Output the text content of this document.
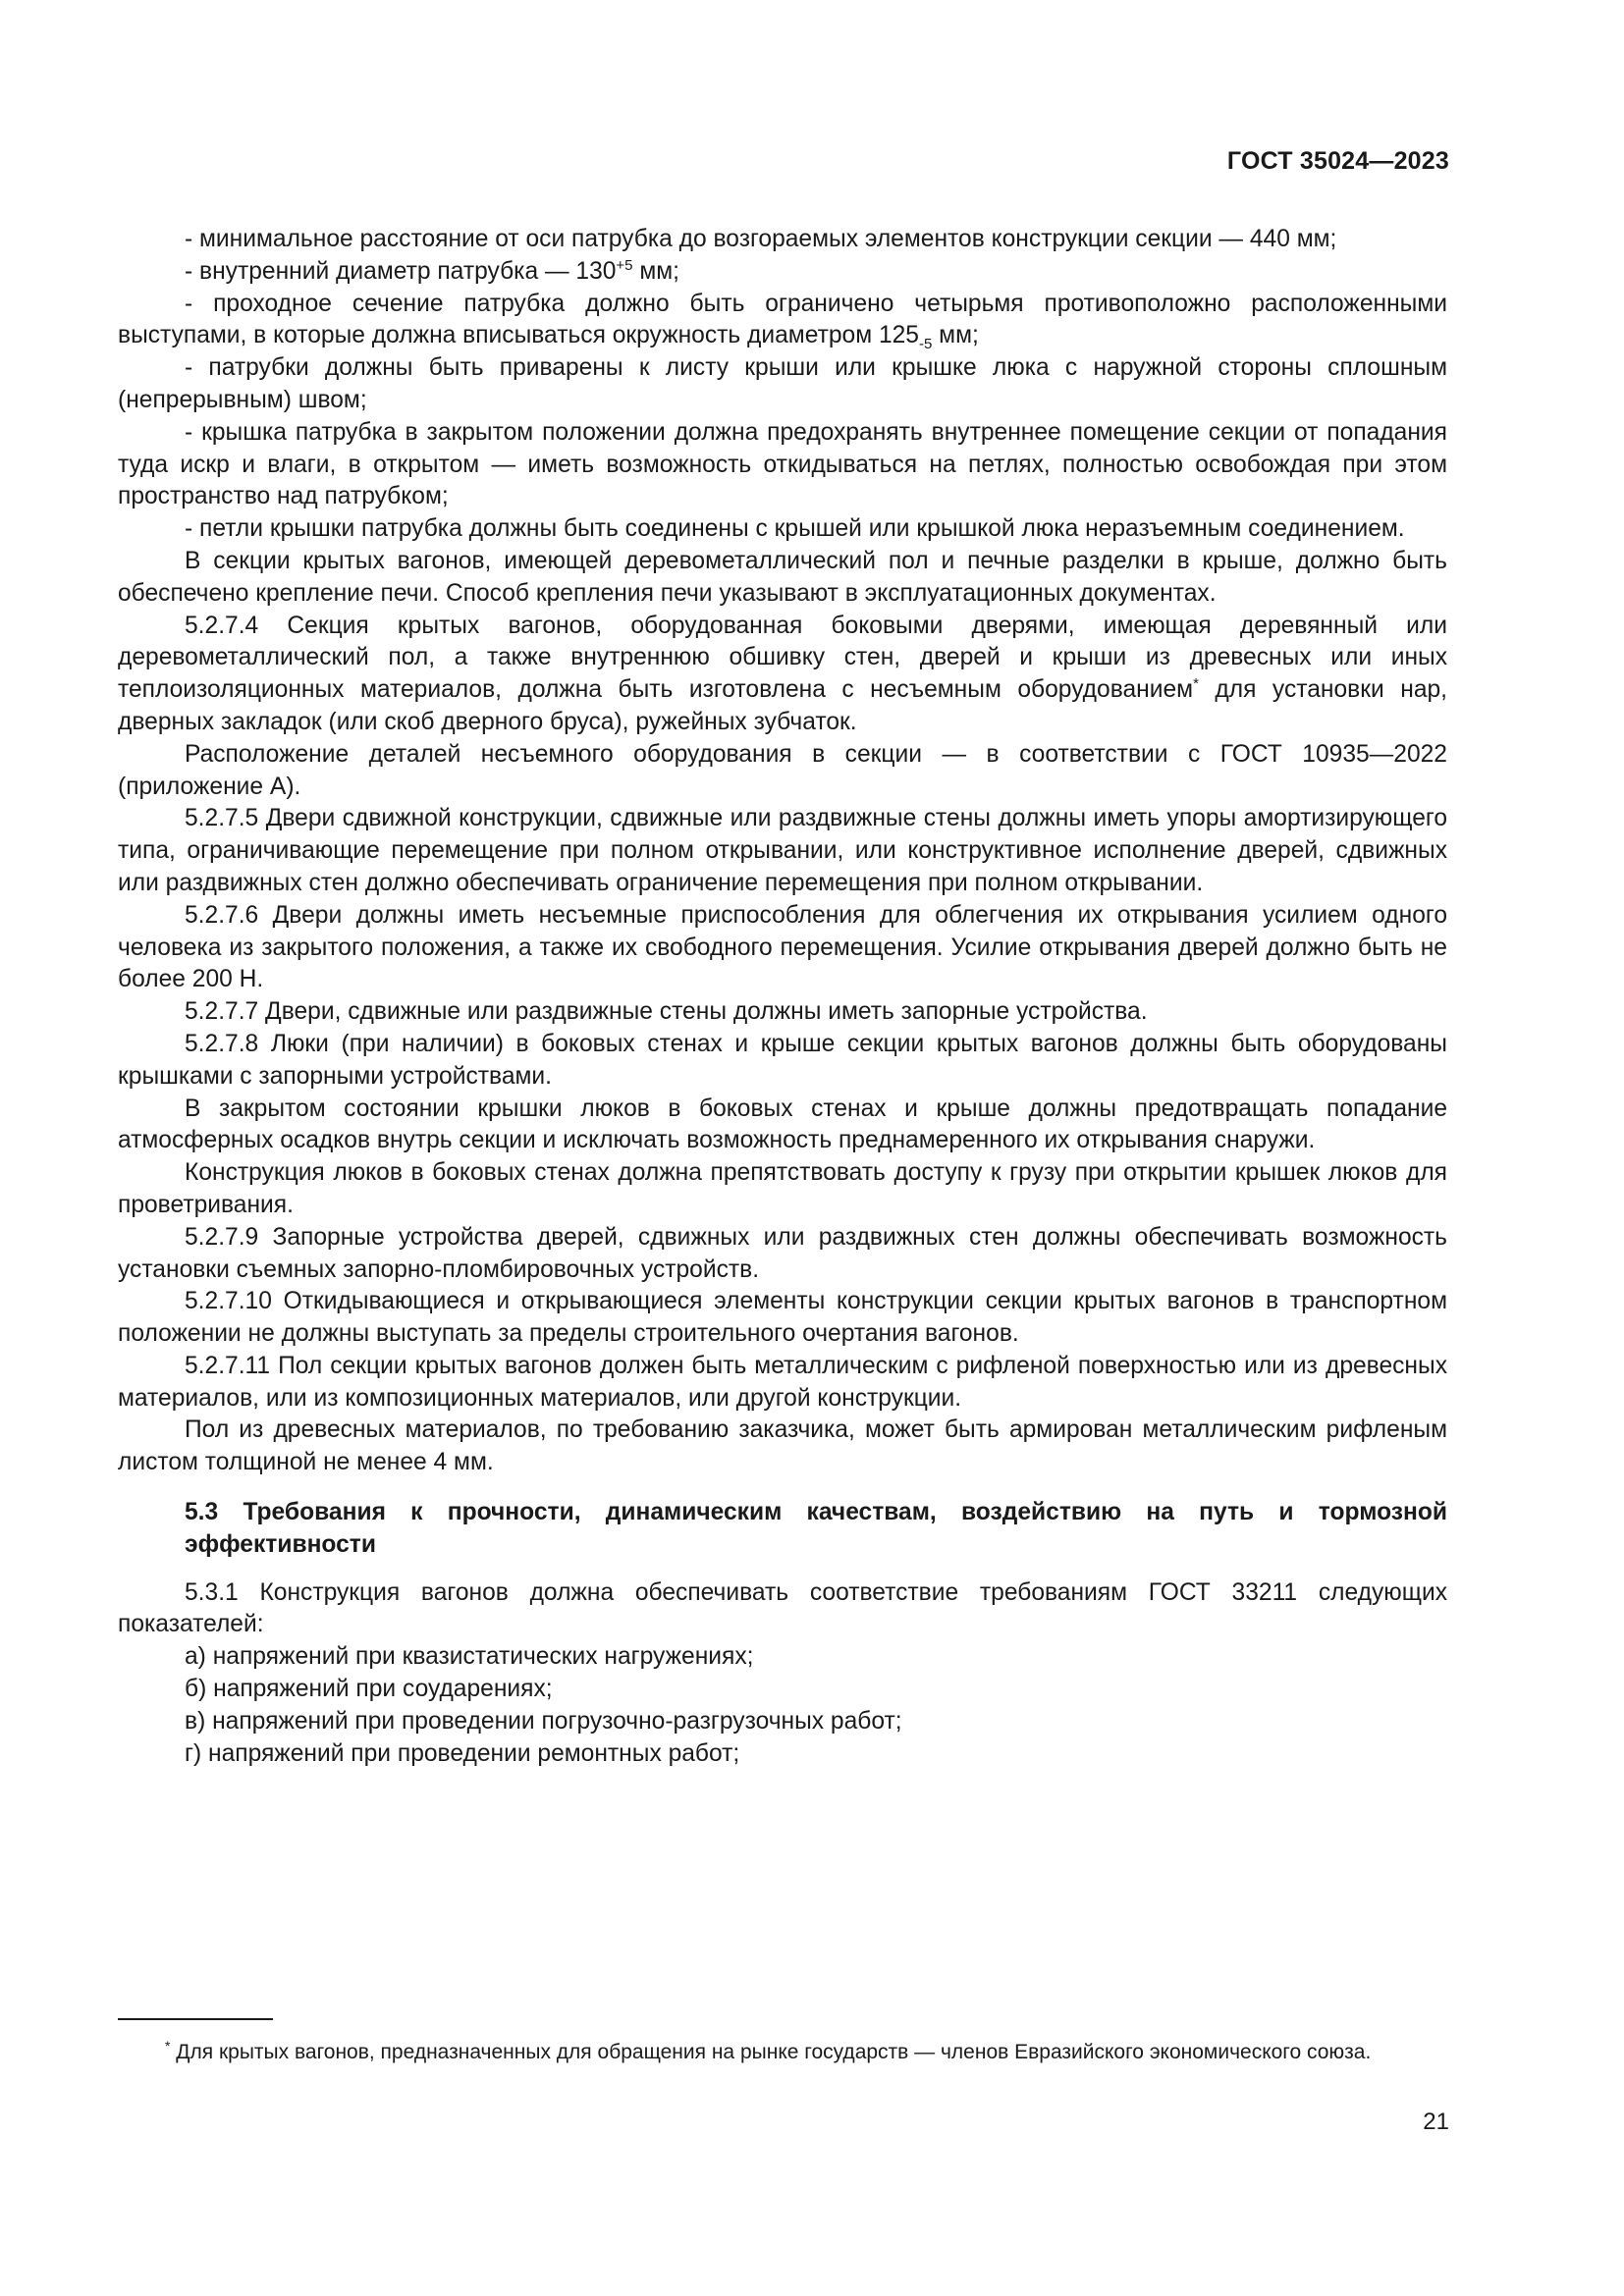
ГОСТ 35024—2023

- минимальное расстояние от оси патрубка до возгораемых элементов конструкции секции — 440 мм;

- внутренний диаметр патрубка — $130^{+5}$ мм;

- проходное сечение патрубка должно быть ограничено четырьмя противоположно расположенными выступами, в которые должна вписываться окружность диаметром $125_{-5}$ мм;

- патрубки должны быть приварены к листу крыши или крышке люка с наружной стороны сплошным (непрерывным) швом;

- крышка патрубка в закрытом положении должна предохранять внутреннее помещение секции от попадания туда искр и влаги, в открытом — иметь возможность откидываться на петлях, полностью освобождая при этом пространство над патрубком;

- петли крышки патрубка должны быть соединены с крышей или крышкой люка неразъемным соединением.

В секции крытых вагонов, имеющей деревометаллический пол и печные разделки в крыше, должно быть обеспечено крепление печи. Способ крепления печи указывают в эксплуатационных документах.

5.2.7.4 Секция крытых вагонов, оборудованная боковыми дверями, имеющая деревянный или деревометаллический пол, а также внутреннюю обшивку стен, дверей и крыши из древесных или иных теплоизоляционных материалов, должна быть изготовлена с несъемным оборудованием* для установки нар, дверных закладок (или скоб дверного бруса), ружейных зубчаток.

Расположение деталей несъемного оборудования в секции — в соответствии с ГОСТ 10935—2022 (приложение А).

5.2.7.5 Двери сдвижной конструкции, сдвижные или раздвижные стены должны иметь упоры амортизирующего типа, ограничивающие перемещение при полном открывании, или конструктивное исполнение дверей, сдвижных или раздвижных стен должно обеспечивать ограничение перемещения при полном открывании.

5.2.7.6 Двери должны иметь несъемные приспособления для облегчения их открывания усилием одного человека из закрытого положения, а также их свободного перемещения. Усилие открывания дверей должно быть не более 200 Н.

5.2.7.7 Двери, сдвижные или раздвижные стены должны иметь запорные устройства.

5.2.7.8 Люки (при наличии) в боковых стенах и крыше секции крытых вагонов должны быть оборудованы крышками с запорными устройствами.

В закрытом состоянии крышки люков в боковых стенах и крыше должны предотвращать попадание атмосферных осадков внутрь секции и исключать возможность преднамеренного их открывания снаружи.

Конструкция люков в боковых стенах должна препятствовать доступу к грузу при открытии крышек люков для проветривания.

5.2.7.9 Запорные устройства дверей, сдвижных или раздвижных стен должны обеспечивать возможность установки съемных запорно-пломбировочных устройств.

5.2.7.10 Откидывающиеся и открывающиеся элементы конструкции секции крытых вагонов в транспортном положении не должны выступать за пределы строительного очертания вагонов.

5.2.7.11 Пол секции крытых вагонов должен быть металлическим с рифленой поверхностью или из древесных материалов, или из композиционных материалов, или другой конструкции.

Пол из древесных материалов, по требованию заказчика, может быть армирован металлическим рифленым листом толщиной не менее 4 мм.

5.3 Требования к прочности, динамическим качествам, воздействию на путь и тормозной эффективности

5.3.1 Конструкция вагонов должна обеспечивать соответствие требованиям ГОСТ 33211 следующих показателей:

а) напряжений при квазистатических нагружениях;

б) напряжений при соударениях;

в) напряжений при проведении погрузочно-разгрузочных работ;

г) напряжений при проведении ремонтных работ;

* Для крытых вагонов, предназначенных для обращения на рынке государств — членов Евразийского экономического союза.

21
